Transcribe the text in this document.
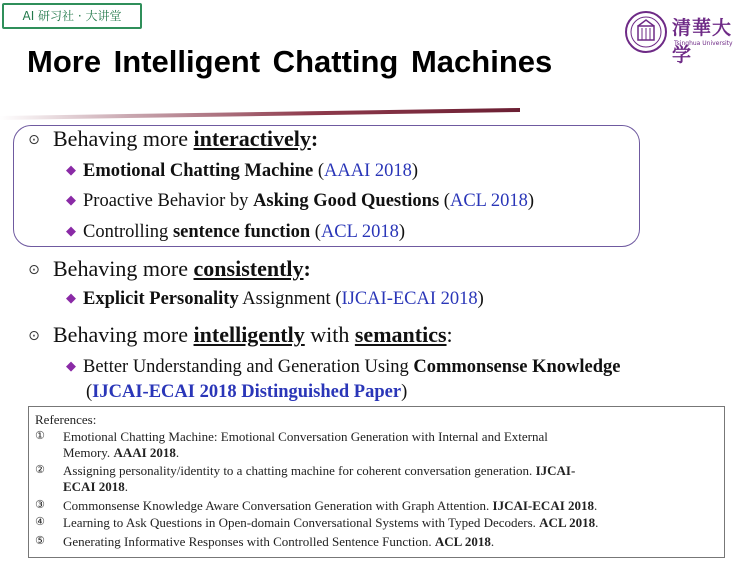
AI 研习社 · 大讲堂
清華大学
Tsinghua University
More Intelligent Chatting Machines
⊙ Behaving more interactively:
◆ Emotional Chatting Machine (AAAI 2018)
◆ Proactive Behavior by Asking Good Questions (ACL 2018)
◆ Controlling sentence function (ACL 2018)
⊙ Behaving more consistently:
◆ Explicit Personality Assignment (IJCAI-ECAI 2018)
⊙ Behaving more intelligently with semantics:
◆ Better Understanding and Generation Using Commonsense Knowledge
(IJCAI-ECAI 2018 Distinguished Paper)
References:
① Emotional Chatting Machine: Emotional Conversation Generation with Internal and External
Memory. AAAI 2018.
② Assigning personality/identity to a chatting machine for coherent conversation generation. IJCAI-
ECAI 2018.
③ Commonsense Knowledge Aware Conversation Generation with Graph Attention. IJCAI-ECAI 2018.
④ Learning to Ask Questions in Open-domain Conversational Systems with Typed Decoders. ACL 2018.
⑤ Generating Informative Responses with Controlled Sentence Function. ACL 2018.
